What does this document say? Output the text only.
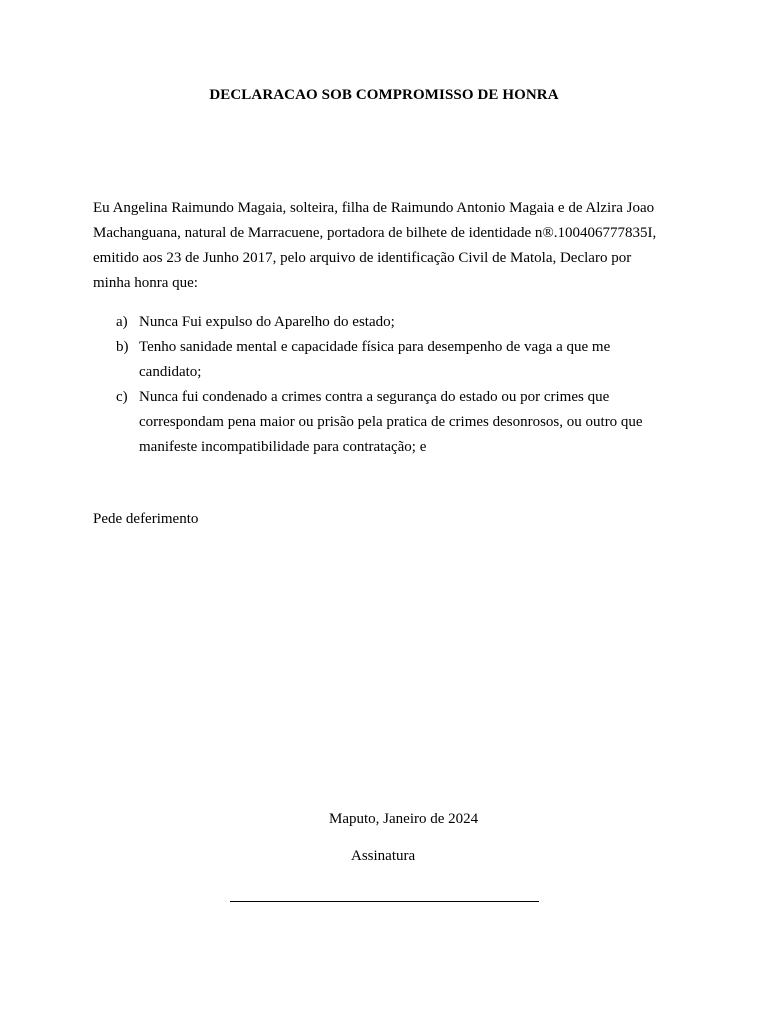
DECLARACAO SOB COMPROMISSO DE HONRA
Eu Angelina Raimundo Magaia, solteira, filha de Raimundo Antonio Magaia e de Alzira Joao
Machanguana, natural de Marracuene, portadora de bilhete de identidade n®.100406777835I,
emitido aos 23 de Junho 2017, pelo arquivo de identificação Civil de Matola, Declaro por
minha honra que:
a) Nunca Fui expulso do Aparelho do estado;
b) Tenho sanidade mental e capacidade física para desempenho de vaga a que me
candidato;
c) Nunca fui condenado a crimes contra a segurança do estado ou por crimes que
correspondam pena maior ou prisão pela pratica de crimes desonrosos, ou outro que
manifeste incompatibilidade para contratação; e
Pede deferimento
Maputo, Janeiro de 2024
Assinatura
